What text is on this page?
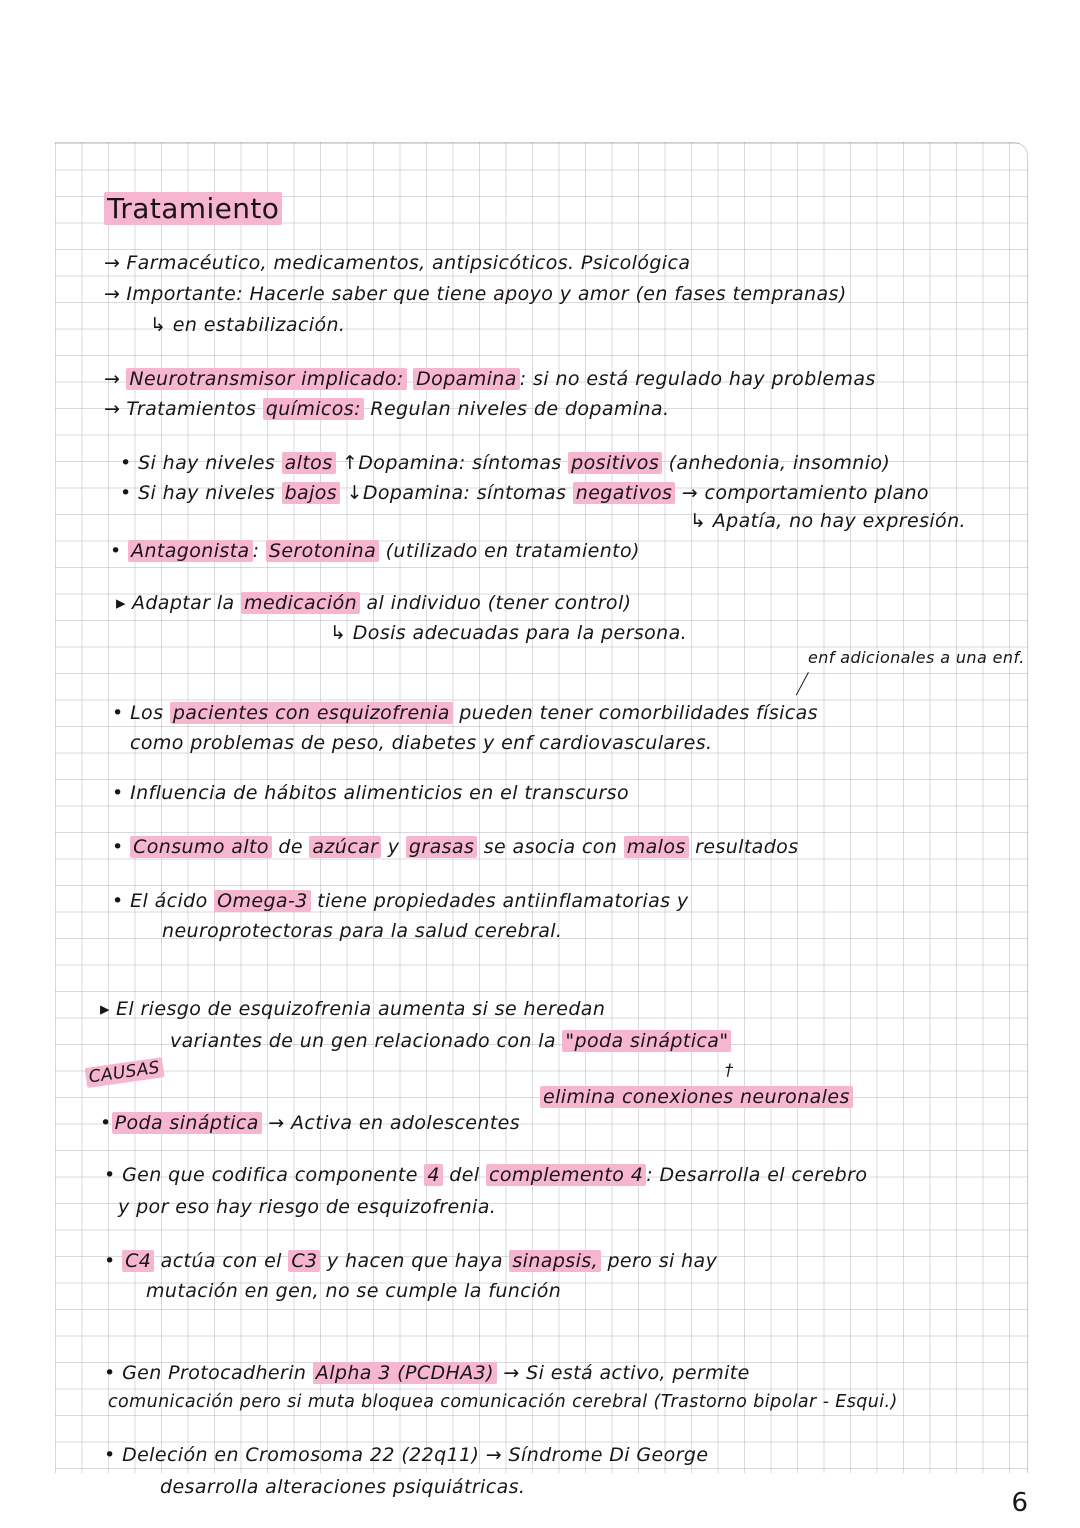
Tratamiento
→ Farmacéutico, medicamentos, antipsicóticos. Psicológica
→ Importante: Hacerle saber que tiene apoyo y amor (en fases tempranas)
↳ en estabilización.
→ Neurotransmisor implicado: Dopamina : si no está regulado hay problemas
→ Tratamientos químicos: Regulan niveles de dopamina.
• Si hay niveles altos ↑Dopamina: síntomas positivos (anhedonia, insomnio)
• Si hay niveles bajos ↓Dopamina: síntomas negativos → comportamiento plano
↳ Apatía, no hay expresión.
• Antagonista : Serotonina (utilizado en tratamiento)
▸ Adaptar la medicación al individuo (tener control)
↳ Dosis adecuadas para la persona.
enf adicionales a una enf.
• Los pacientes con esquizofrenia pueden tener comorbilidades físicas
como problemas de peso, diabetes y enf cardiovasculares.
• Influencia de hábitos alimenticios en el transcurso
• Consumo alto de azúcar y grasas se asocia con malos resultados
• El ácido Omega-3 tiene propiedades antiinflamatorias y
neuroprotectoras para la salud cerebral.
▸ El riesgo de esquizofrenia aumenta si se heredan
variantes de un gen relacionado con la "poda sináptica"
CAUSAS	†
elimina conexiones neuronales
• Poda sináptica → Activa en adolescentes
• Gen que codifica componente 4 del complemento 4 : Desarrolla el cerebro
y por eso hay riesgo de esquizofrenia.
• C4 actúa con el C3 y hacen que haya sinapsis, pero si hay
mutación en gen, no se cumple la función
• Gen Protocadherin Alpha 3 (PCDHA3) → Si está activo, permite
comunicación pero si muta bloquea comunicación cerebral (Trastorno bipolar - Esqui.)
• Deleción en Cromosoma 22 (22q11) → Síndrome Di George
desarrolla alteraciones psiquiátricas.
6
